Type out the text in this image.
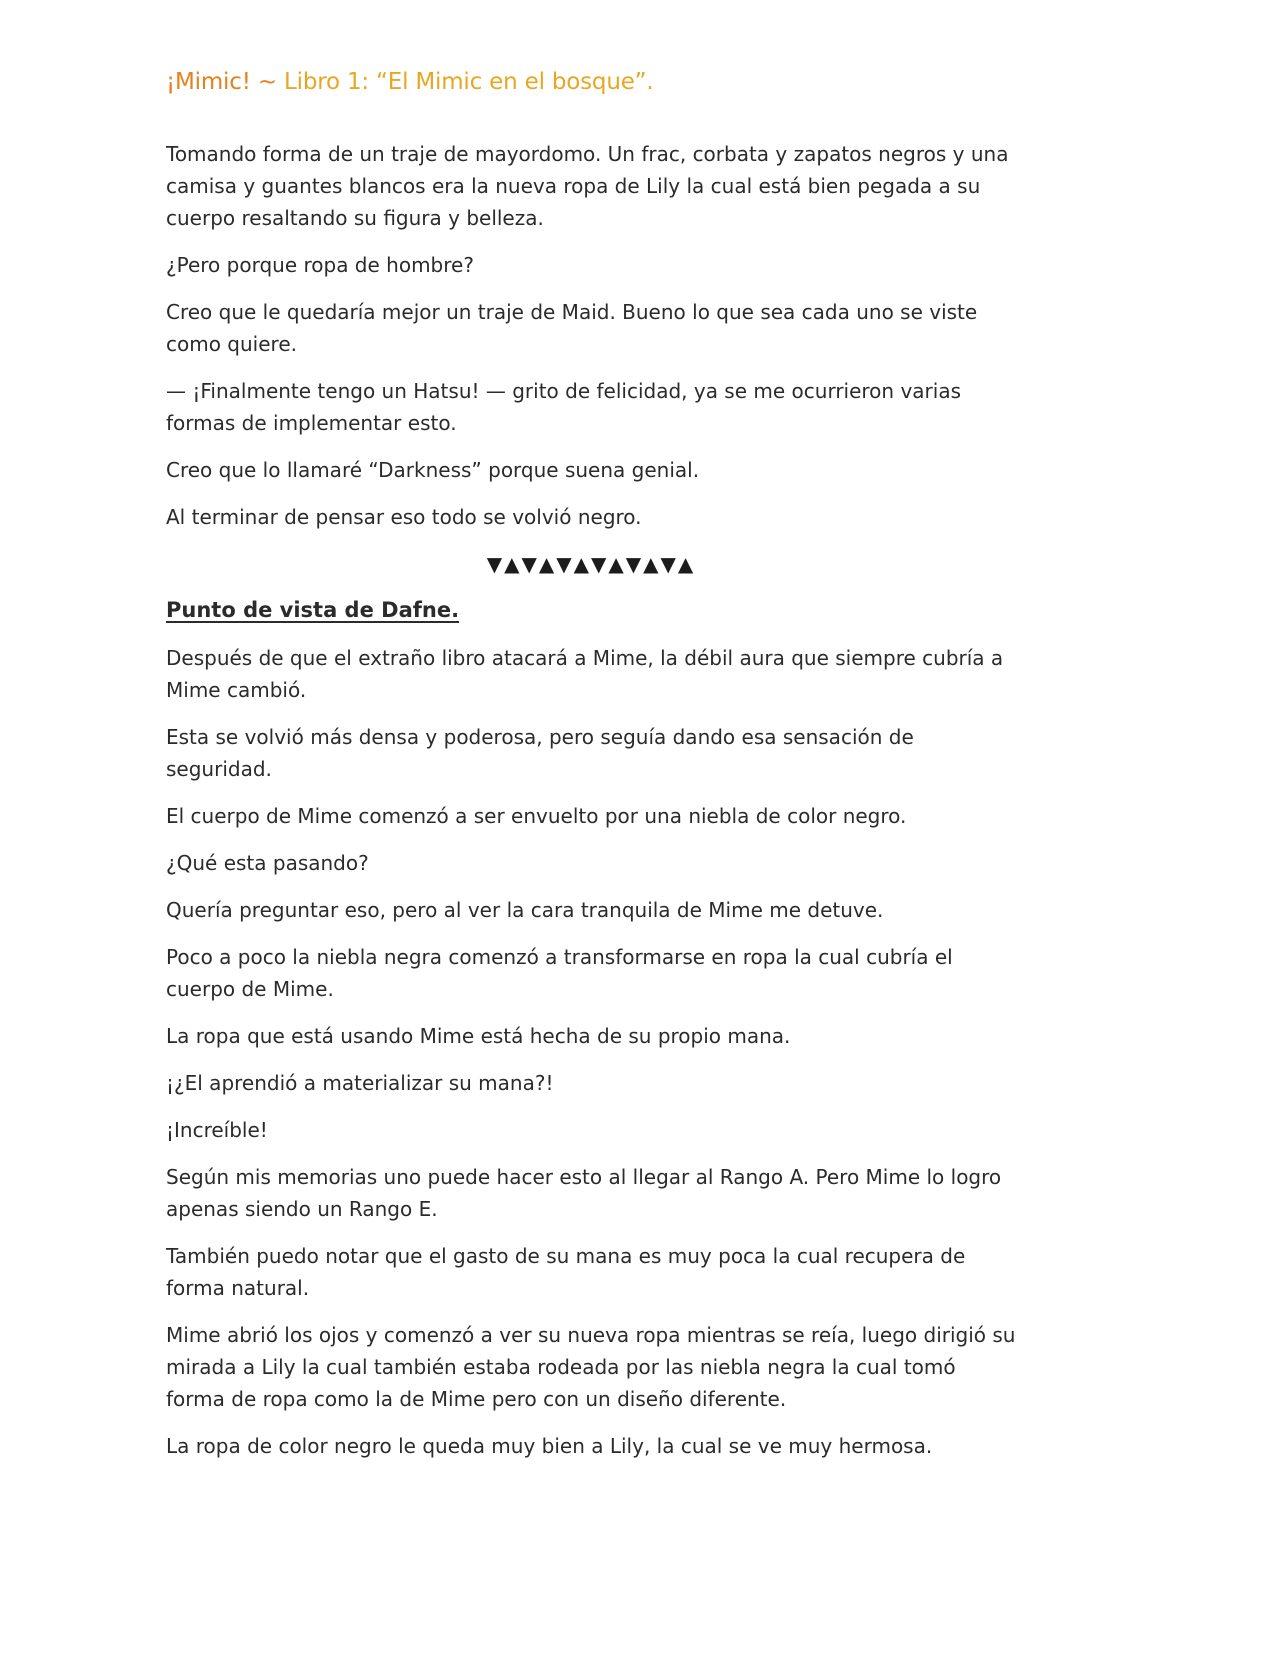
¡Mimic! ~ Libro 1: “El Mimic en el bosque”.

Tomando forma de un traje de mayordomo. Un frac, corbata y zapatos negros y una camisa y guantes blancos era la nueva ropa de Lily la cual está bien pegada a su cuerpo resaltando su figura y belleza.

¿Pero porque ropa de hombre?

Creo que le quedaría mejor un traje de Maid. Bueno lo que sea cada uno se viste como quiere.

— ¡Finalmente tengo un Hatsu! — grito de felicidad, ya se me ocurrieron varias formas de implementar esto.

Creo que lo llamaré “Darkness” porque suena genial.

Al terminar de pensar eso todo se volvió negro.

▼▲▼▲▼▲▼▲▼▲▼▲
Punto de vista de Dafne.

Después de que el extraño libro atacará a Mime, la débil aura que siempre cubría a Mime cambió.

Esta se volvió más densa y poderosa, pero seguía dando esa sensación de seguridad.

El cuerpo de Mime comenzó a ser envuelto por una niebla de color negro.

¿Qué esta pasando?

Quería preguntar eso, pero al ver la cara tranquila de Mime me detuve.

Poco a poco la niebla negra comenzó a transformarse en ropa la cual cubría el cuerpo de Mime.

La ropa que está usando Mime está hecha de su propio mana.

¡¿El aprendió a materializar su mana?!

¡Increíble!

Según mis memorias uno puede hacer esto al llegar al Rango A. Pero Mime lo logro apenas siendo un Rango E.

También puedo notar que el gasto de su mana es muy poca la cual recupera de forma natural.

Mime abrió los ojos y comenzó a ver su nueva ropa mientras se reía, luego dirigió su mirada a Lily la cual también estaba rodeada por las niebla negra la cual tomó forma de ropa como la de Mime pero con un diseño diferente.

La ropa de color negro le queda muy bien a Lily, la cual se ve muy hermosa.
